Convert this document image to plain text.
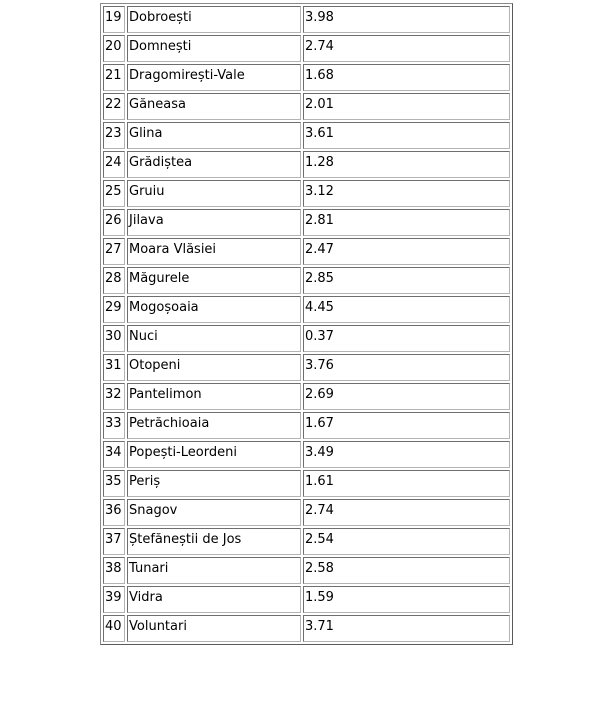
19	Dobroești	3.98
20	Domnești	2.74
21	Dragomirești-Vale	1.68
22	Găneasa	2.01
23	Glina	3.61
24	Grădiștea	1.28
25	Gruiu	3.12
26	Jilava	2.81
27	Moara Vlăsiei	2.47
28	Măgurele	2.85
29	Mogoșoaia	4.45
30	Nuci	0.37
31	Otopeni	3.76
32	Pantelimon	2.69
33	Petrăchioaia	1.67
34	Popești-Leordeni	3.49
35	Periș	1.61
36	Snagov	2.74
37	Ștefăneștii de Jos	2.54
38	Tunari	2.58
39	Vidra	1.59
40	Voluntari	3.71
